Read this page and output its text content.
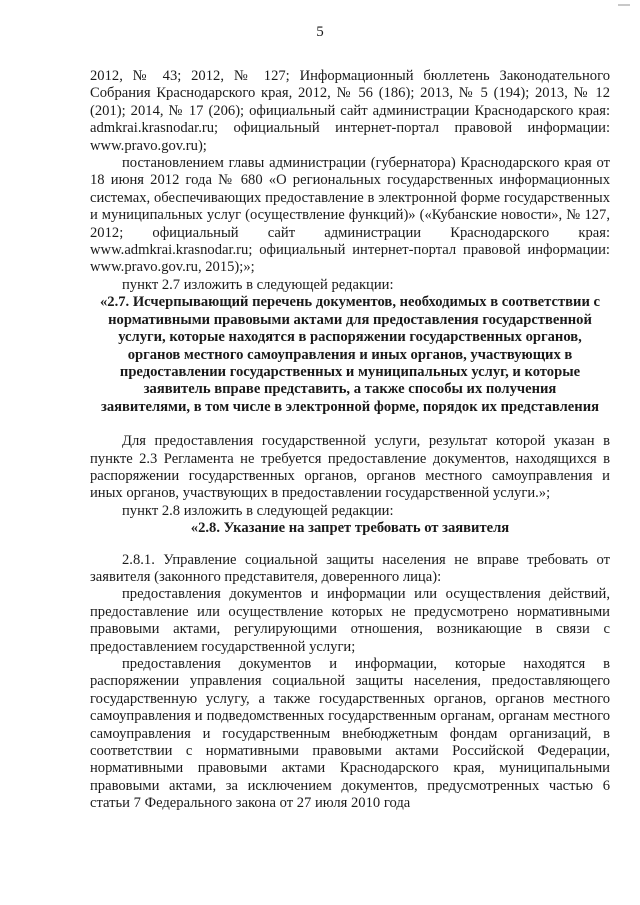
5

2012, № 43; 2012, № 127; Информационный бюллетень Законодательного Собрания Краснодарского края, 2012, № 56 (186); 2013, № 5 (194); 2013, № 12 (201); 2014, № 17 (206); официальный сайт администрации Краснодарского края: admkrai.krasnodar.ru; официальный интернет-портал правовой информации: www.pravo.gov.ru);

постановлением главы администрации (губернатора) Краснодарского края от 18 июня 2012 года № 680 «О региональных государственных информационных системах, обеспечивающих предоставление в электронной форме государственных и муниципальных услуг (осуществление функций)» («Кубанские новости», № 127, 2012; официальный сайт администрации Краснодарского края: www.admkrai.krasnodar.ru; официальный интернет-портал правовой информации: www.pravo.gov.ru, 2015);»;

пункт 2.7 изложить в следующей редакции:

«2.7. Исчерпывающий перечень документов, необходимых в соответствии с нормативными правовыми актами для предоставления государственной услуги, которые находятся в распоряжении государственных органов, органов местного самоуправления и иных органов, участвующих в предоставлении государственных и муниципальных услуг, и которые заявитель вправе представить, а также способы их получения заявителями, в том числе в электронной форме, порядок их представления

Для предоставления государственной услуги, результат которой указан в пункте 2.3 Регламента не требуется предоставление документов, находящихся в распоряжении государственных органов, органов местного самоуправления и иных органов, участвующих в предоставлении государственной услуги.»;

пункт 2.8 изложить в следующей редакции:

«2.8. Указание на запрет требовать от заявителя

2.8.1. Управление социальной защиты населения не вправе требовать от заявителя (законного представителя, доверенного лица):

предоставления документов и информации или осуществления действий, предоставление или осуществление которых не предусмотрено нормативными правовыми актами, регулирующими отношения, возникающие в связи с предоставлением государственной услуги;

предоставления документов и информации, которые находятся в распоряжении управления социальной защиты населения, предоставляющего государственную услугу, а также государственных органов, органов местного самоуправления и подведомственных государственным органам, органам местного самоуправления и государственным внебюджетным фондам организаций, в соответствии с нормативными правовыми актами Российской Федерации, нормативными правовыми актами Краснодарского края, муниципальными правовыми актами, за исключением документов, предусмотренных частью 6 статьи 7 Федерального закона от 27 июля 2010 года
